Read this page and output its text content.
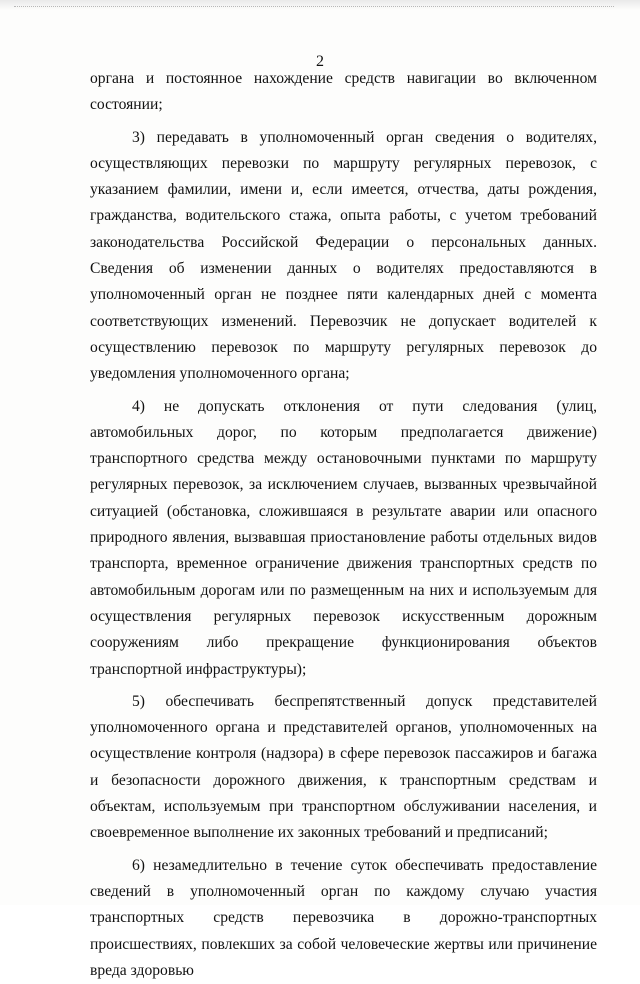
2

органа и постоянное нахождение средств навигации во включенном состоянии;

3) передавать в уполномоченный орган сведения о водителях, осуществляющих перевозки по маршруту регулярных перевозок, с указанием фамилии, имени и, если имеется, отчества, даты рождения, гражданства, водительского стажа, опыта работы, с учетом требований законодательства Российской Федерации о персональных данных. Сведения об изменении данных о водителях предоставляются в уполномоченный орган не позднее пяти календарных дней с момента соответствующих изменений. Перевозчик не допускает водителей к осуществлению перевозок по маршруту регулярных перевозок до уведомления уполномоченного органа;

4) не допускать отклонения от пути следования (улиц, автомобильных дорог, по которым предполагается движение) транспортного средства между остановочными пунктами по маршруту регулярных перевозок, за исключением случаев, вызванных чрезвычайной ситуацией (обстановка, сложившаяся в результате аварии или опасного природного явления, вызвавшая приостановление работы отдельных видов транспорта, временное ограничение движения транспортных средств по автомобильным дорогам или по размещенным на них и используемым для осуществления регулярных перевозок искусственным дорожным сооружениям либо прекращение функционирования объектов транспортной инфраструктуры);

5) обеспечивать беспрепятственный допуск представителей уполномоченного органа и представителей органов, уполномоченных на осуществление контроля (надзора) в сфере перевозок пассажиров и багажа и безопасности дорожного движения, к транспортным средствам и объектам, используемым при транспортном обслуживании населения, и своевременное выполнение их законных требований и предписаний;

6) незамедлительно в течение суток обеспечивать предоставление сведений в уполномоченный орган по каждому случаю участия транспортных средств перевозчика в дорожно-транспортных происшествиях, повлекших за собой человеческие жертвы или причинение вреда здоровью
